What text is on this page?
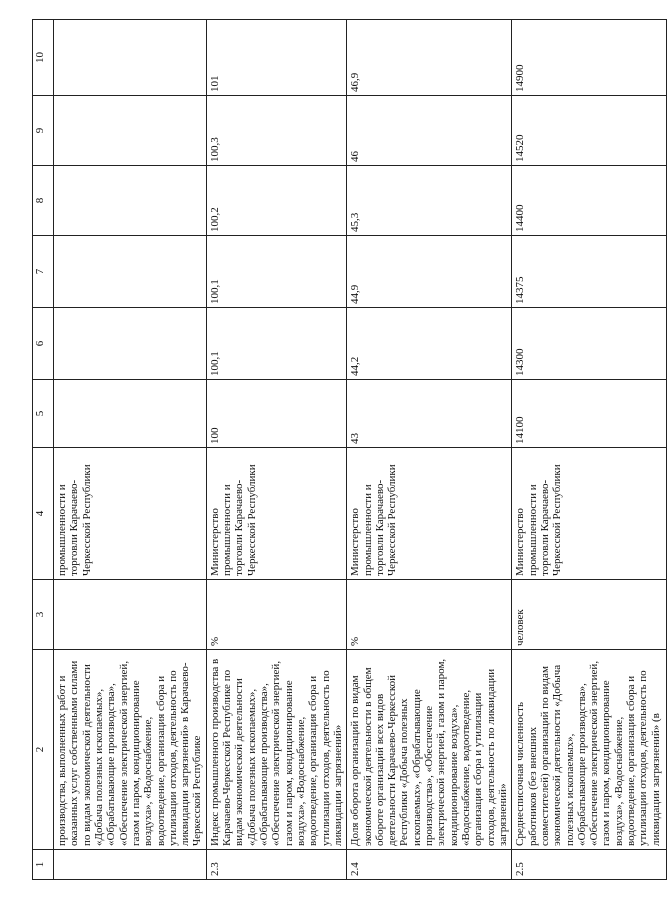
1	2	3	4	5	6	7	8	9	10
	производства, выполненных работ и оказанных услуг собственными силами по видам экономической деятельности «Добыча полезных ископаемых», «Обрабатывающие производства», «Обеспечение электрической энергией, газом и паром, кондиционирование воздуха», «Водоснабжение, водоотведение, организация сбора и утилизации отходов, деятельность по ликвидации загрязнений» в Карачаево-Черкесской Республике		промышленности и торговли Карачаево-Черкесской Республики						
2.3	Индекс промышленного производства в Карачаево-Черкесской Республике по видам экономической деятельности «Добыча полезных ископаемых», «Обрабатывающие производства», «Обеспечение электрической энергией, газом и паром, кондиционирование воздуха», «Водоснабжение, водоотведение, организация сбора и утилизации отходов, деятельность по ликвидации загрязнений»	%	Министерство промышленности и торговли Карачаево-Черкесской Республики	100	100,1	100,1	100,2	100,3	101
2.4	Доля оборота организаций по видам экономической деятельности в общем обороте организаций всех видов деятельности Карачаево-Черкесской Республики «Добыча полезных ископаемых», «Обрабатывающие производства», «Обеспечение электрической энергией, газом и паром, кондиционирование воздуха», «Водоснабжение, водоотведение, организация сбора и утилизации отходов, деятельность по ликвидации загрязнений»	%	Министерство промышленности и торговли Карачаево-Черкесской Республики	43	44,2	44,9	45,3	46	46,9
2.5	Среднесписочная численность работников (без внешних совместителей) организаций по видам экономической деятельности «Добыча полезных ископаемых», «Обрабатывающие производства», «Обеспечение электрической энергией, газом и паром, кондиционирование воздуха», «Водоснабжение, водоотведение, организация сбора и утилизации отходов, деятельность по ликвидации загрязнений» (в	человек	Министерство промышленности и торговли Карачаево-Черкесской Республики	14100	14300	14375	14400	14520	14900
